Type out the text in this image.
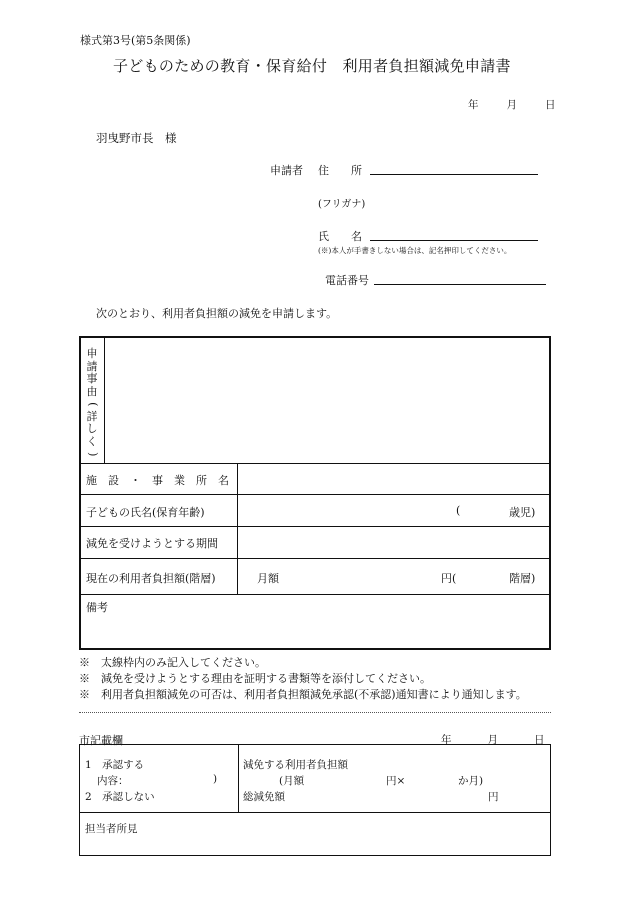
様式第3号(第5条関係)
子どものための教育・保育給付　利用者負担額減免申請書
年	月	日
羽曳野市長　様
申請者 住　　所
(フリガナ)
氏　　名
(※)本人が手書きしない場合は、記名押印してください。
電話番号
次のとおり、利用者負担額の減免を申請します。
申
請
事
由
(
詳
し
く
)
施　設　・　事　業　所　名
子どもの氏名(保育年齢)	(	歳児)
減免を受けようとする期間
現在の利用者負担額(階層)	月額	円(	階層)
備考
※　太線枠内のみ記入してください。
※　減免を受けようとする理由を証明する書類等を添付してください。
※　利用者負担額減免の可否は、利用者負担額減免承認(不承認)通知書により通知します。
市記載欄	年	月	日
1　承認する
内容：	)
2　承認しない
減免する利用者負担額
(月額	円×	か月)
総減免額	円
担当者所見
